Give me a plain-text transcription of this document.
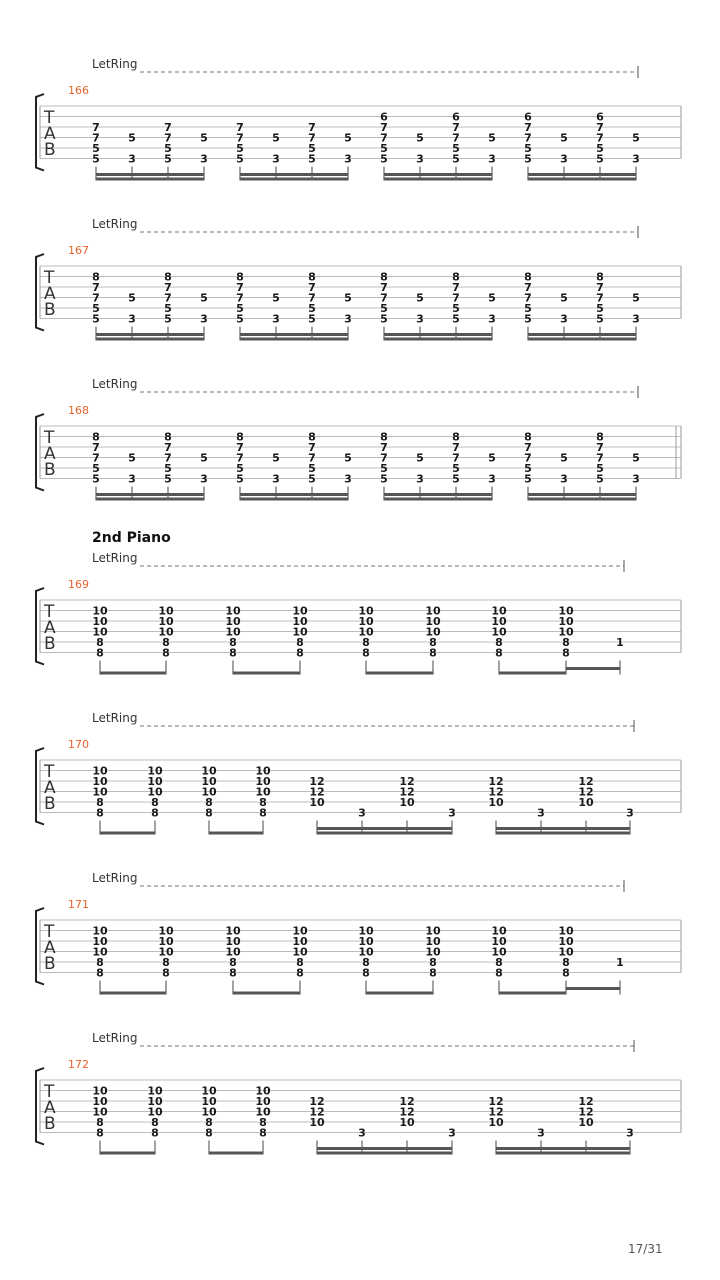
LetRing
166
T
A
B
7
7
5
5
5
3
7
7
5
5
5
3
7
7
5
5
5
3
7
7
5
5
5
3
6
7
7
5
5
5
3
6
7
7
5
5
5
3
6
7
7
5
5
5
3
6
7
7
5
5
5
3
LetRing
167
T
A
B
8
7
7
5
5
5
3
8
7
7
5
5
5
3
8
7
7
5
5
5
3
8
7
7
5
5
5
3
8
7
7
5
5
5
3
8
7
7
5
5
5
3
8
7
7
5
5
5
3
8
7
7
5
5
5
3
LetRing
168
T
A
B
8
7
7
5
5
5
3
8
7
7
5
5
5
3
8
7
7
5
5
5
3
8
7
7
5
5
5
3
8
7
7
5
5
5
3
8
7
7
5
5
5
3
8
7
7
5
5
5
3
8
7
7
5
5
5
3
2nd Piano
LetRing
169
T
A
B
10
10
10
8
8
10
10
10
8
8
10
10
10
8
8
10
10
10
8
8
10
10
10
8
8
10
10
10
8
8
10
10
10
8
8
10
10
10
8
8
1
LetRing
170
T
A
B
10
10
10
8
8
10
10
10
8
8
10
10
10
8
8
10
10
10
8
8
12
12
10
3
12
12
10
3
12
12
10
3
12
12
10
3
LetRing
171
T
A
B
10
10
10
8
8
10
10
10
8
8
10
10
10
8
8
10
10
10
8
8
10
10
10
8
8
10
10
10
8
8
10
10
10
8
8
10
10
10
8
8
1
LetRing
172
T
A
B
10
10
10
8
8
10
10
10
8
8
10
10
10
8
8
10
10
10
8
8
12
12
10
3
12
12
10
3
12
12
10
3
12
12
10
3
17/31
